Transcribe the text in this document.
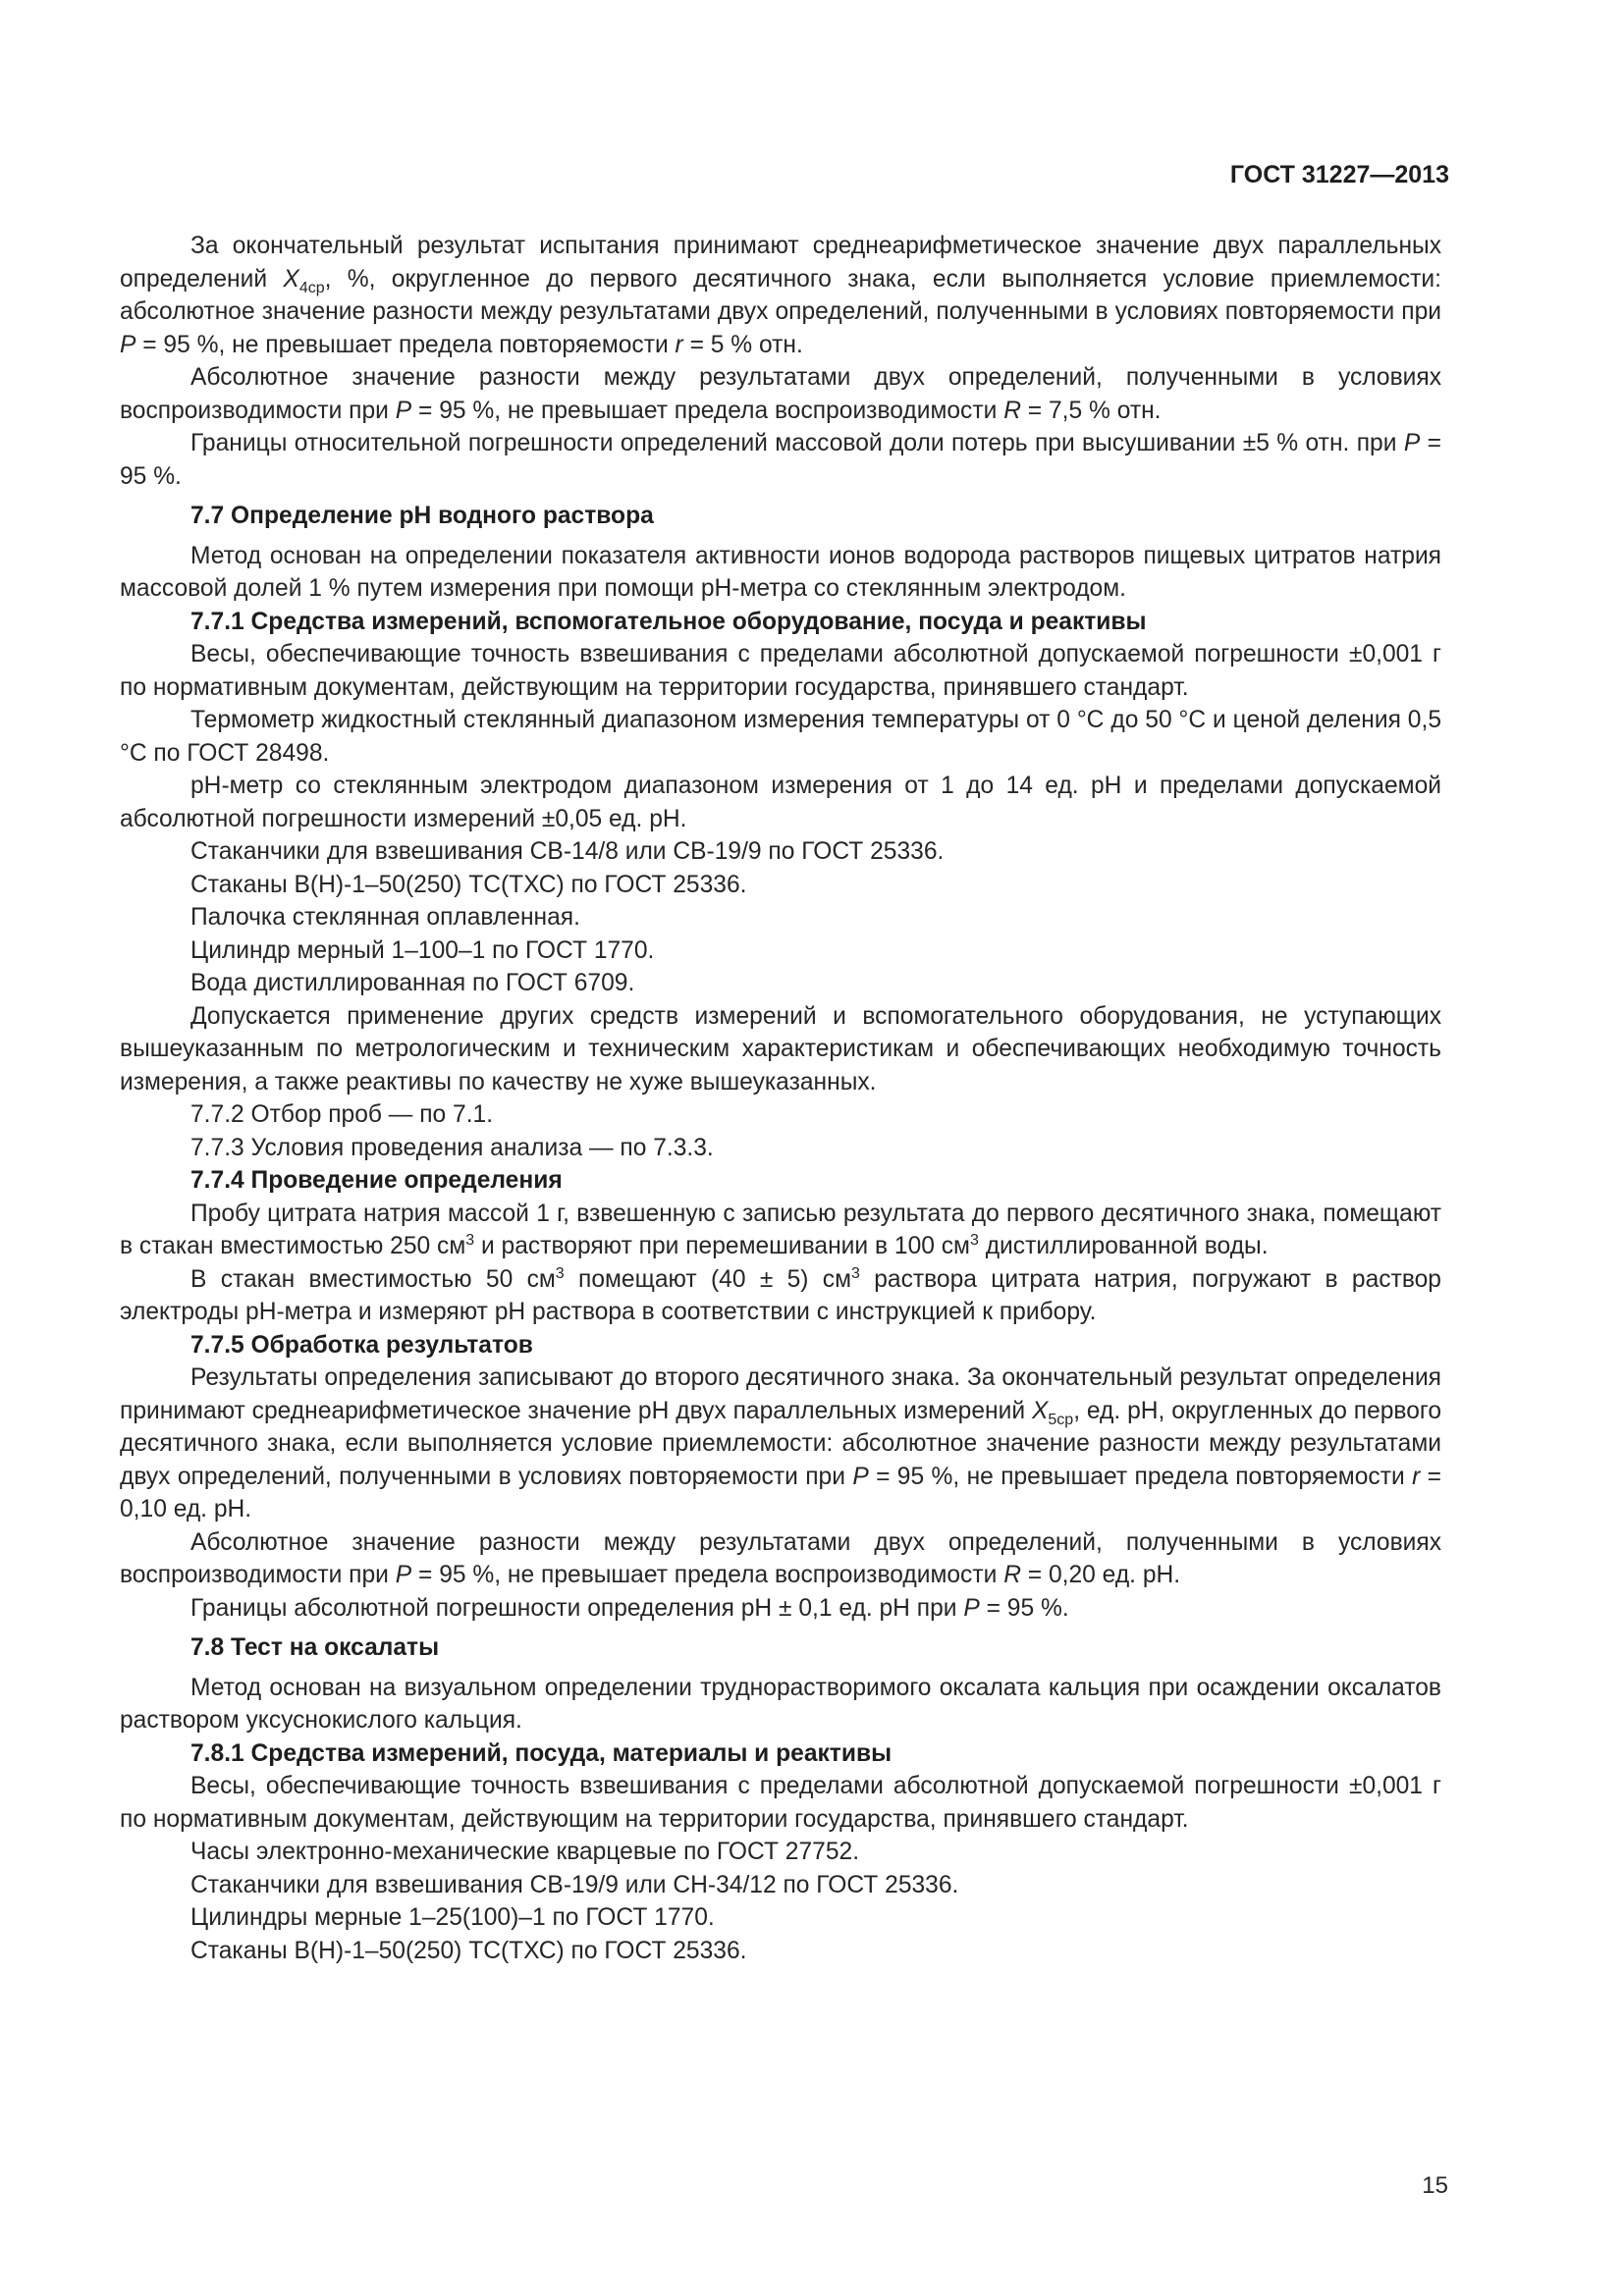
ГОСТ 31227—2013

За окончательный результат испытания принимают среднеарифметическое значение двух параллельных определений $X_{4ср}$, %, округленное до первого десятичного знака, если выполняется условие приемлемости: абсолютное значение разности между результатами двух определений, полученными в условиях повторяемости при P = 95 %, не превышает предела повторяемости r = 5 % отн.

Абсолютное значение разности между результатами двух определений, полученными в условиях воспроизводимости при P = 95 %, не превышает предела воспроизводимости R = 7,5 % отн.

Границы относительной погрешности определений массовой доли потерь при высушивании ±5 % отн. при P = 95 %.

7.7 Определение рН водного раствора

Метод основан на определении показателя активности ионов водорода растворов пищевых цитратов натрия массовой долей 1 % путем измерения при помощи рН-метра со стеклянным электродом.

7.7.1 Средства измерений, вспомогательное оборудование, посуда и реактивы

Весы, обеспечивающие точность взвешивания с пределами абсолютной допускаемой погрешности ±0,001 г по нормативным документам, действующим на территории государства, принявшего стандарт.

Термометр жидкостный стеклянный диапазоном измерения температуры от 0 °С до 50 °С и ценой деления 0,5 °С по ГОСТ 28498.

рН-метр со стеклянным электродом диапазоном измерения от 1 до 14 ед. рН и пределами допускаемой абсолютной погрешности измерений ±0,05 ед. рН.

Стаканчики для взвешивания СВ-14/8 или СВ-19/9 по ГОСТ 25336.

Стаканы В(Н)-1–50(250) ТС(ТХС) по ГОСТ 25336.

Палочка стеклянная оплавленная.

Цилиндр мерный 1–100–1 по ГОСТ 1770.

Вода дистиллированная по ГОСТ 6709.

Допускается применение других средств измерений и вспомогательного оборудования, не уступающих вышеуказанным по метрологическим и техническим характеристикам и обеспечивающих необходимую точность измерения, а также реактивы по качеству не хуже вышеуказанных.

7.7.2 Отбор проб — по 7.1.

7.7.3 Условия проведения анализа — по 7.3.3.

7.7.4 Проведение определения

Пробу цитрата натрия массой 1 г, взвешенную с записью результата до первого десятичного знака, помещают в стакан вместимостью 250 $см^3$ и растворяют при перемешивании в 100 $см^3$ дистиллированной воды.

В стакан вместимостью 50 $см^3$ помещают (40 ± 5) $см^3$ раствора цитрата натрия, погружают в раствор электроды рН-метра и измеряют рН раствора в соответствии с инструкцией к прибору.

7.7.5 Обработка результатов

Результаты определения записывают до второго десятичного знака. За окончательный результат определения принимают среднеарифметическое значение рН двух параллельных измерений $X_{5ср}$, ед. рН, округленных до первого десятичного знака, если выполняется условие приемлемости: абсолютное значение разности между результатами двух определений, полученными в условиях повторяемости при P = 95 %, не превышает предела повторяемости r = 0,10 ед. рН.

Абсолютное значение разности между результатами двух определений, полученными в условиях воспроизводимости при P = 95 %, не превышает предела воспроизводимости R = 0,20 ед. рН.

Границы абсолютной погрешности определения рН ± 0,1 ед. рН при P = 95 %.

7.8 Тест на оксалаты

Метод основан на визуальном определении труднорастворимого оксалата кальция при осаждении оксалатов раствором уксуснокислого кальция.

7.8.1 Средства измерений, посуда, материалы и реактивы

Весы, обеспечивающие точность взвешивания с пределами абсолютной допускаемой погрешности ±0,001 г по нормативным документам, действующим на территории государства, принявшего стандарт.

Часы электронно-механические кварцевые по ГОСТ 27752.

Стаканчики для взвешивания СВ-19/9 или СН-34/12 по ГОСТ 25336.

Цилиндры мерные 1–25(100)–1 по ГОСТ 1770.

Стаканы В(Н)-1–50(250) ТС(ТХС) по ГОСТ 25336.

15
